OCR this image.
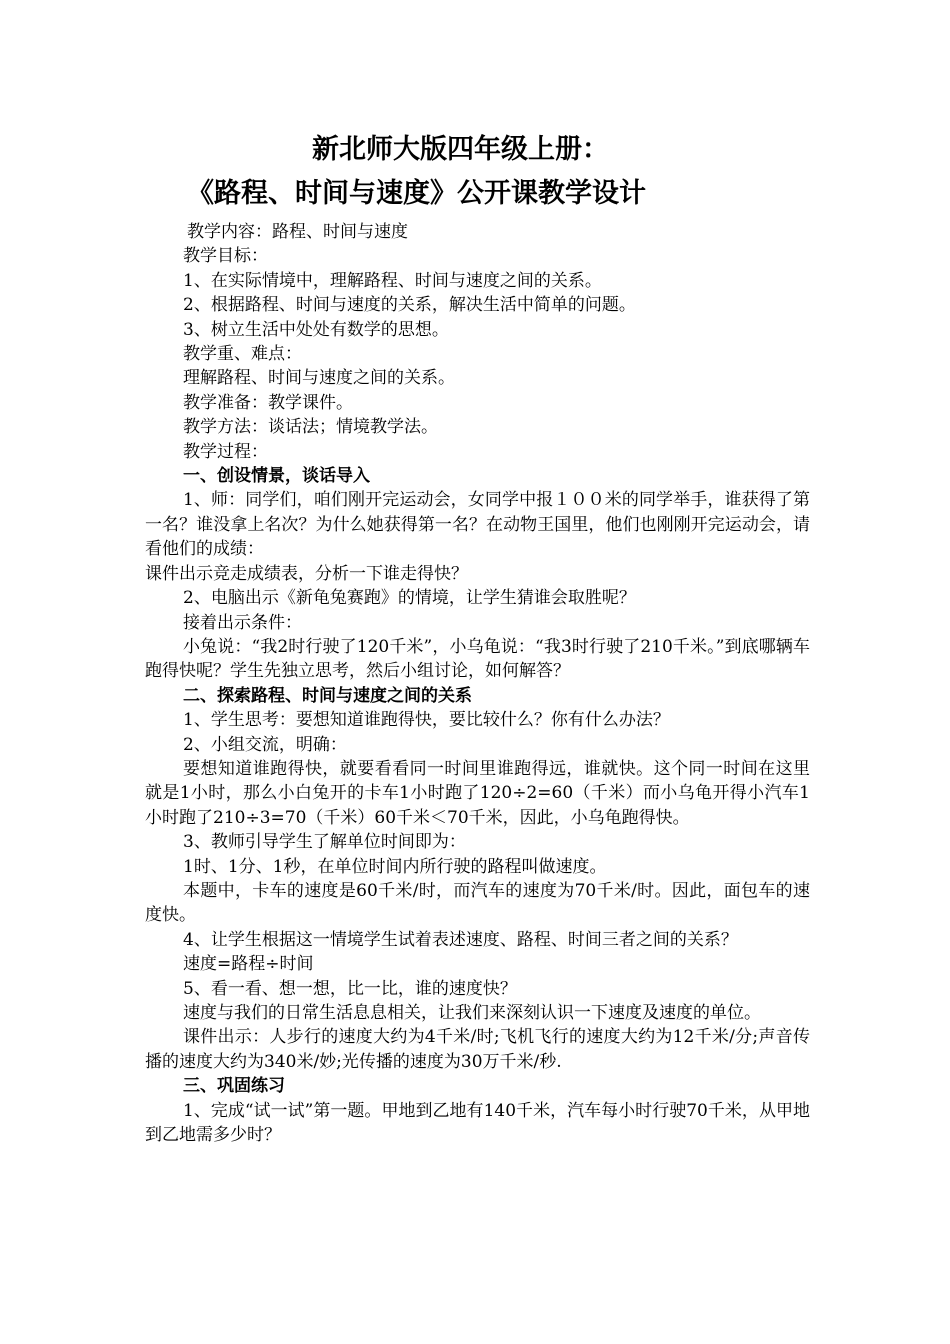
新北师大版四年级上册：
《路程、时间与速度》公开课教学设计

教学内容：路程、时间与速度

教学目标：

1、在实际情境中，理解路程、时间与速度之间的关系。

2、根据路程、时间与速度的关系，解决生活中简单的问题。

3、树立生活中处处有数学的思想。

教学重、难点：

理解路程、时间与速度之间的关系。

教学准备：教学课件。

教学方法：谈话法；情境教学法。

教学过程：

一、创设情景，谈话导入

1、师：同学们，咱们刚开完运动会，女同学中报１００米的同学举手，谁获得了第一名？谁没拿上名次？为什么她获得第一名？在动物王国里，他们也刚刚开完运动会，请看他们的成绩：

课件出示竞走成绩表，分析一下谁走得快？

2、电脑出示《新龟兔赛跑》的情境，让学生猜谁会取胜呢？

接着出示条件：

小兔说：“我2时行驶了120千米”，小乌龟说：“我3时行驶了210千米。”到底哪辆车跑得快呢？学生先独立思考，然后小组讨论，如何解答？

二、探索路程、时间与速度之间的关系

1、学生思考：要想知道谁跑得快，要比较什么？你有什么办法？

2、小组交流，明确：

要想知道谁跑得快，就要看看同一时间里谁跑得远，谁就快。这个同一时间在这里就是1小时，那么小白兔开的卡车1小时跑了120÷2=60（千米）而小乌龟开得小汽车1小时跑了210÷3=70（千米）60千米＜70千米，因此，小乌龟跑得快。

3、教师引导学生了解单位时间即为：

1时、1分、1秒，在单位时间内所行驶的路程叫做速度。

本题中，卡车的速度是60千米/时，而汽车的速度为70千米/时。因此，面包车的速度快。

4、让学生根据这一情境学生试着表述速度、路程、时间三者之间的关系？

速度=路程÷时间

5、看一看、想一想，比一比，谁的速度快？

速度与我们的日常生活息息相关，让我们来深刻认识一下速度及速度的单位。

课件出示：人步行的速度大约为4千米/时;飞机飞行的速度大约为12千米/分;声音传播的速度大约为340米/妙;光传播的速度为30万千米/秒.

三、巩固练习

1、完成“试一试”第一题。甲地到乙地有140千米，汽车每小时行驶70千米，从甲地到乙地需多少时？
